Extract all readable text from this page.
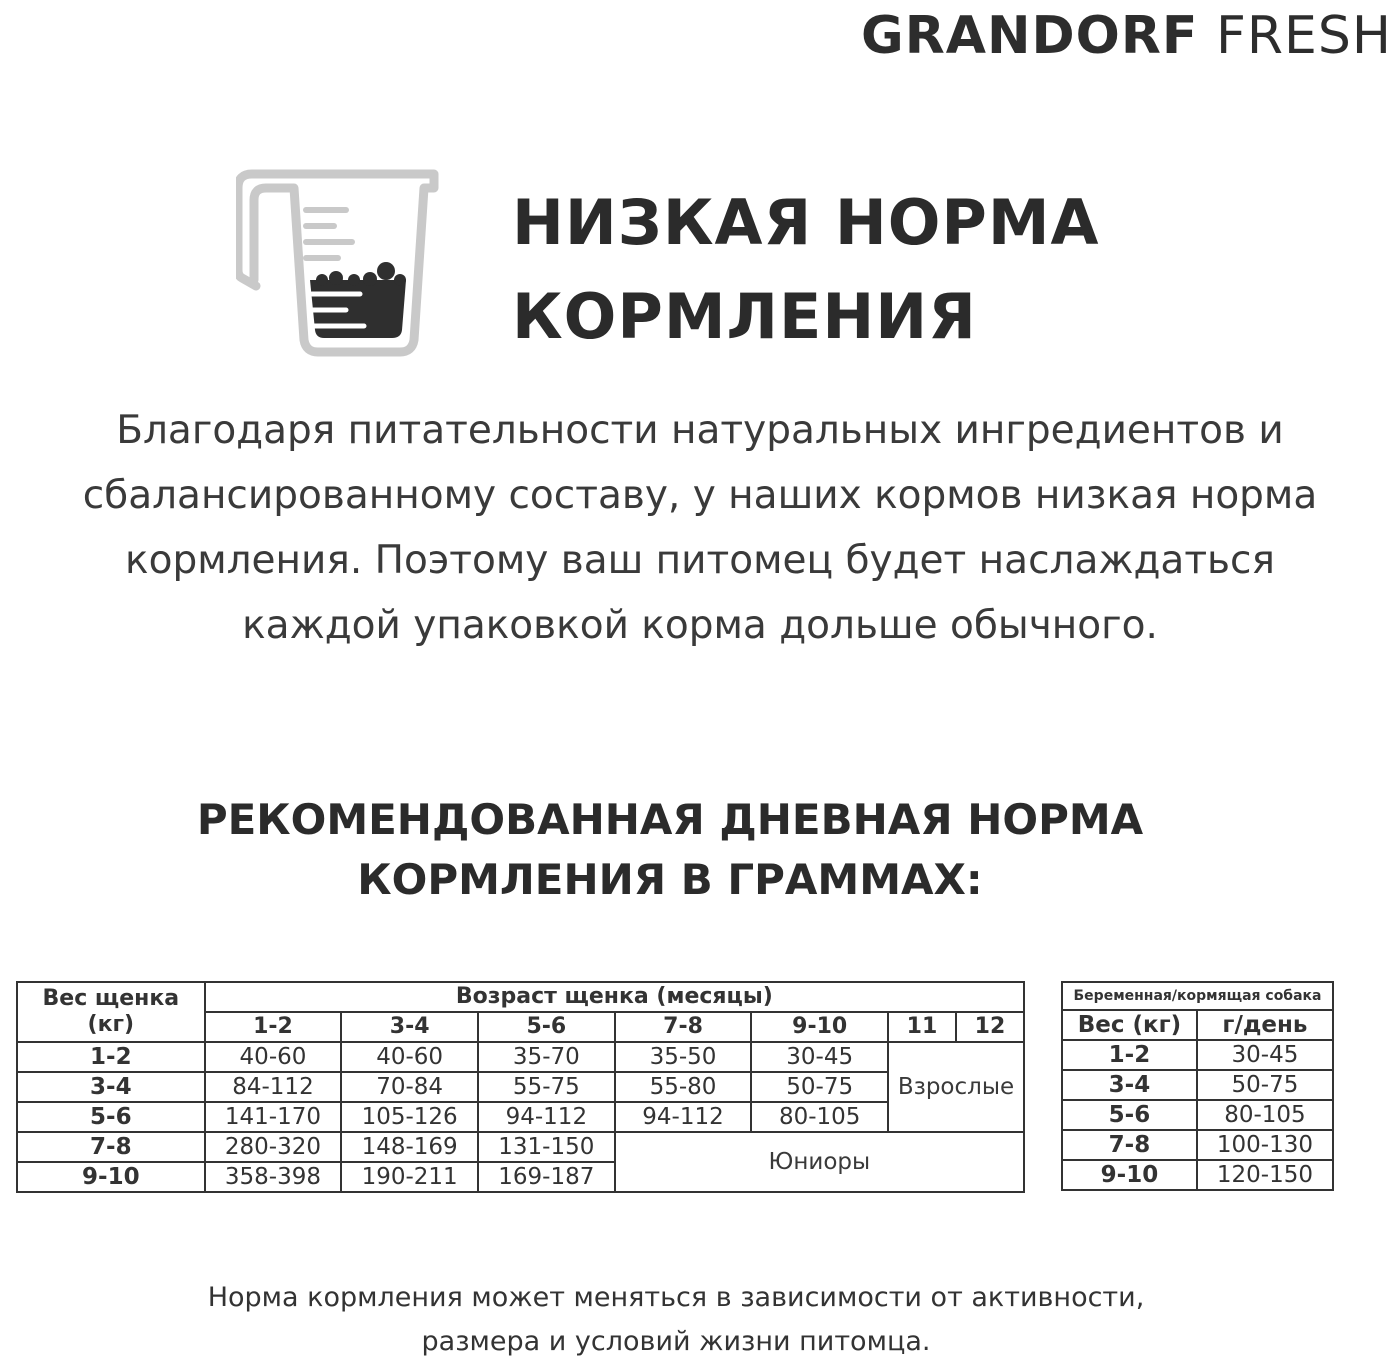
GRANDORF FRESH
НИЗКАЯ НОРМА
КОРМЛЕНИЯ
Благодаря питательности натуральных ингредиентов и
сбалансированному составу, у наших кормов низкая норма
кормления. Поэтому ваш питомец будет наслаждаться
каждой упаковкой корма дольше обычного.
РЕКОМЕНДОВАННАЯ ДНЕВНАЯ НОРМА
КОРМЛЕНИЯ В ГРАММАХ:
Вес щенка
(кг)	Возраст щенка (месяцы)						
	1-2	3-4	5-6	7-8	9-10	11	12
1-2	40-60	40-60	35-70	35-50	30-45	Взрослые	
3-4	84-112	70-84	55-75	55-80	50-75		
5-6	141-170	105-126	94-112	94-112	80-105		
7-8	280-320	148-169	131-150	Юниоры			
9-10	358-398	190-211	169-187				
Беременная/кормящая собака	
Вес (кг)	г/день
1-2	30-45
3-4	50-75
5-6	80-105
7-8	100-130
9-10	120-150
Норма кормления может меняться в зависимости от активности,
размера и условий жизни питомца.
